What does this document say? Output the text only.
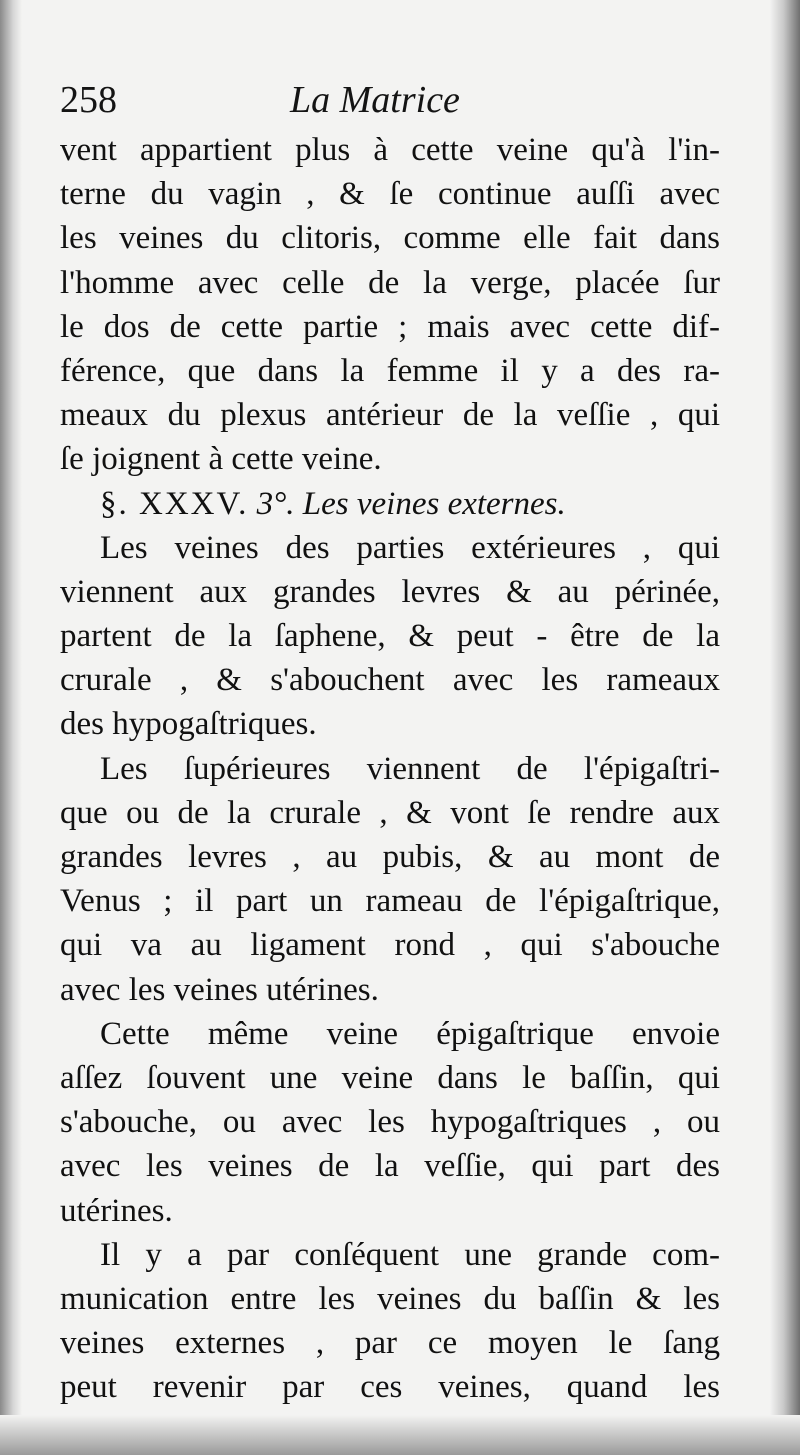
258	La Matrice
vent appartient plus à cette veine qu'à l'in-
terne du vagin , & ſe continue auſſi avec
les veines du clitoris, comme elle fait dans
l'homme avec celle de la verge, placée ſur
le dos de cette partie ; mais avec cette dif-
férence, que dans la femme il y a des ra-
meaux du plexus antérieur de la veſſie , qui
ſe joignent à cette veine.
§. XXXV. 3°. Les veines externes.
Les veines des parties extérieures , qui
viennent aux grandes levres & au périnée,
partent de la ſaphene, & peut - être de la
crurale , & s'abouchent avec les rameaux
des hypogaſtriques.
Les ſupérieures viennent de l'épigaſtri-
que ou de la crurale , & vont ſe rendre aux
grandes levres , au pubis, & au mont de
Venus ; il part un rameau de l'épigaſtrique,
qui va au ligament rond , qui s'abouche
avec les veines utérines.
Cette même veine épigaſtrique envoie
aſſez ſouvent une veine dans le baſſin, qui
s'abouche, ou avec les hypogaſtriques , ou
avec les veines de la veſſie, qui part des
utérines.
Il y a par conſéquent une grande com-
munication entre les veines du baſſin & les
veines externes , par ce moyen le ſang
peut revenir par ces veines, quand les
